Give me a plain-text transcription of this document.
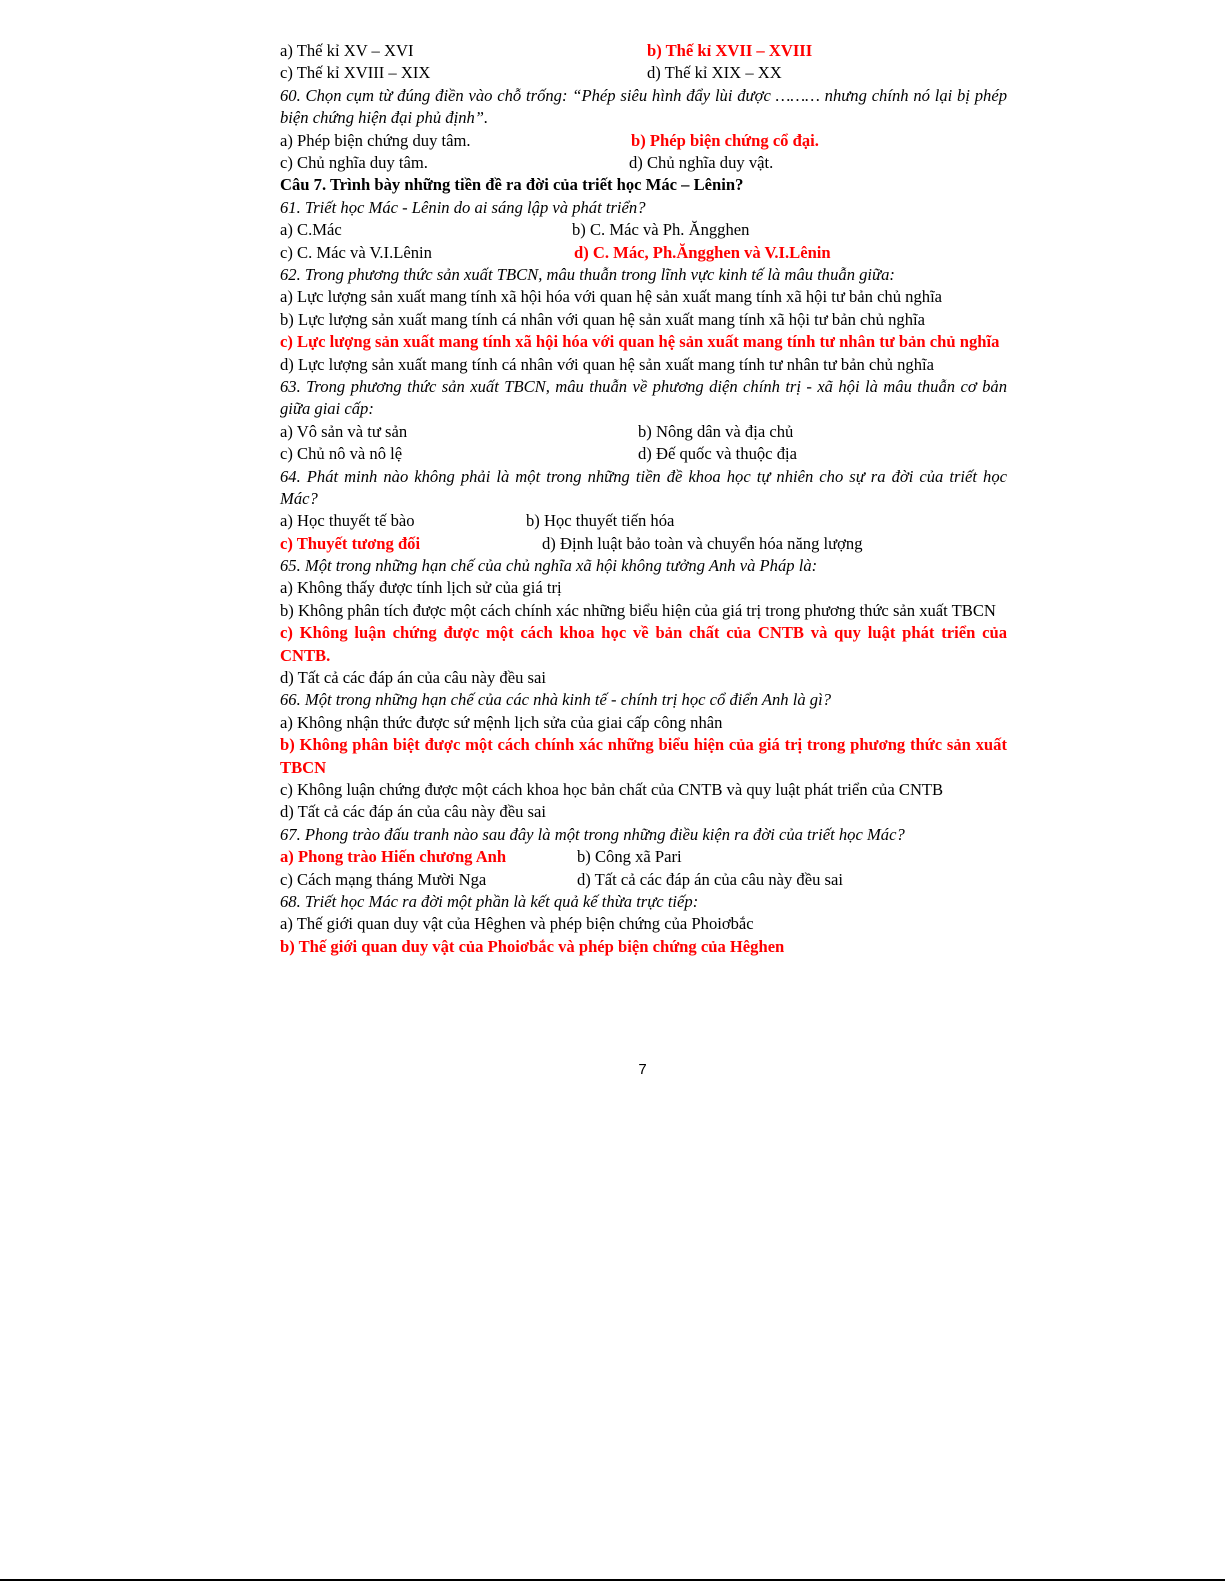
a) Thế kỉ XV – XVI	b) Thế kỉ XVII – XVIII
c) Thế kỉ XVIII – XIX	d) Thế kỉ XIX – XX
60. Chọn cụm từ đúng điền vào chỗ trống: “Phép siêu hình đẩy lùi được ……… nhưng chính nó lại bị phép biện chứng hiện đại phủ định”.
a) Phép biện chứng duy tâm.	b) Phép biện chứng cổ đại.
c) Chủ nghĩa duy tâm.	d) Chủ nghĩa duy vật.
Câu 7. Trình bày những tiền đề ra đời của triết học Mác – Lênin?
61. Triết học Mác - Lênin do ai sáng lập và phát triển?
a) C.Mác	b) C. Mác và Ph. Ăngghen
c) C. Mác và V.I.Lênin	d) C. Mác, Ph.Ăngghen và V.I.Lênin
62. Trong phương thức sản xuất TBCN, mâu thuẫn trong lĩnh vực kinh tế là mâu thuẫn giữa:
a) Lực lượng sản xuất mang tính xã hội hóa với quan hệ sản xuất mang tính xã hội tư bản chủ nghĩa
b) Lực lượng sản xuất mang tính cá nhân với quan hệ sản xuất mang tính xã hội tư bản chủ nghĩa
c) Lực lượng sản xuất mang tính xã hội hóa với quan hệ sản xuất mang tính tư nhân tư bản chủ nghĩa
d) Lực lượng sản xuất mang tính cá nhân với quan hệ sản xuất mang tính tư nhân tư bản chủ nghĩa
63. Trong phương thức sản xuất TBCN, mâu thuẫn về phương diện chính trị - xã hội là mâu thuẫn cơ bản giữa giai cấp:
a) Vô sản và tư sản	b) Nông dân và địa chủ
c) Chủ nô và nô lệ	d) Đế quốc và thuộc địa
64. Phát minh nào không phải là một trong những tiền đề khoa học tự nhiên cho sự ra đời của triết học Mác?
a) Học thuyết tế bào	b) Học thuyết tiến hóa
c) Thuyết tương đối	d) Định luật bảo toàn và chuyển hóa năng lượng
65. Một trong những hạn chế của chủ nghĩa xã hội không tưởng Anh và Pháp là:
a) Không thấy được tính lịch sử của giá trị
b) Không phân tích được một cách chính xác những biểu hiện của giá trị trong phương thức sản xuất TBCN
c) Không luận chứng được một cách khoa học về bản chất của CNTB và quy luật phát triển của CNTB.
d) Tất cả các đáp án của câu này đều sai
66. Một trong những hạn chế của các nhà kinh tế - chính trị học cổ điển Anh là gì?
a) Không nhận thức được sứ mệnh lịch sửa của giai cấp công nhân
b) Không phân biệt được một cách chính xác những biểu hiện của giá trị trong phương thức sản xuất TBCN
c) Không luận chứng được một cách khoa học bản chất của CNTB và quy luật phát triển của CNTB
d) Tất cả các đáp án của câu này đều sai
67. Phong trào đấu tranh nào sau đây là một trong những điều kiện ra đời của triết học Mác?
a) Phong trào Hiến chương Anh	b) Công xã Pari
c) Cách mạng tháng Mười Nga	d) Tất cả các đáp án của câu này đều sai
68. Triết học Mác ra đời một phần là kết quả kế thừa trực tiếp:
a) Thế giới quan duy vật của Hêghen và phép biện chứng của Phoiơbắc
b) Thế giới quan duy vật của Phoiơbắc và phép biện chứng của Hêghen
7
